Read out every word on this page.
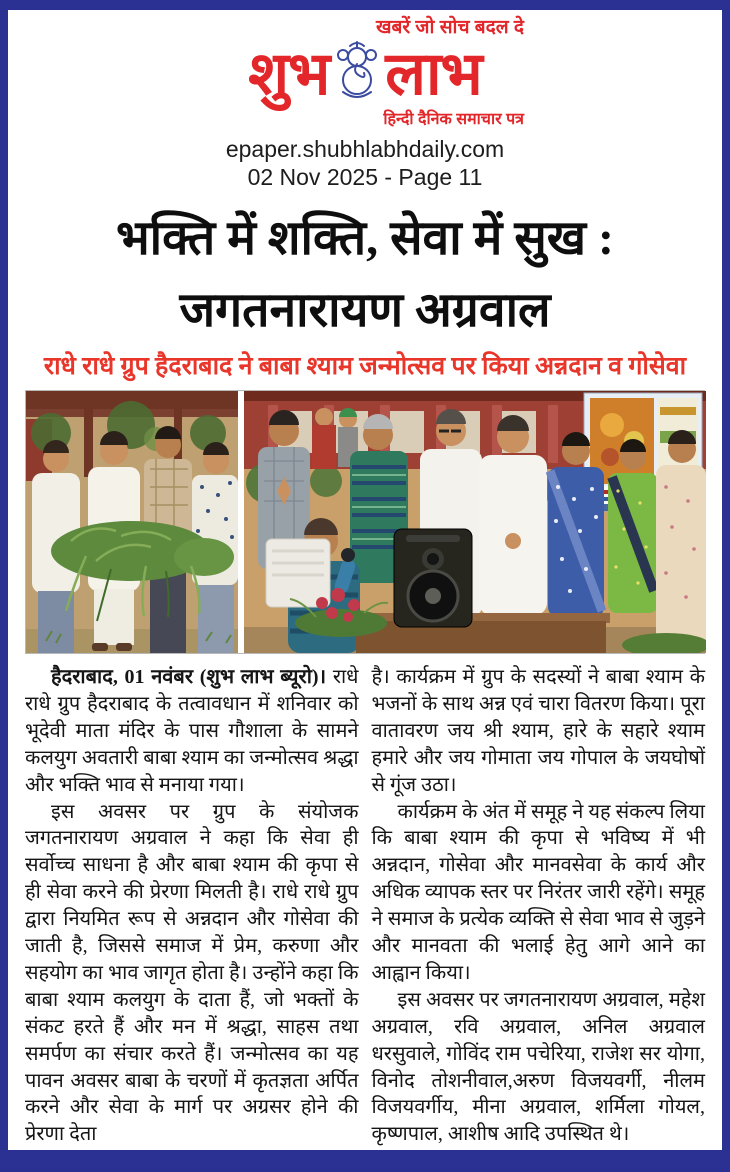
खबरें जो सोच बदल दे
शुभ लाभ
हिन्दी दैनिक समाचार पत्र
epaper.shubhlabhdaily.com
02 Nov 2025 - Page 11
भक्ति में शक्ति, सेवा में सुख :
जगतनारायण अग्रवाल
राधे राधे ग्रुप हैदराबाद ने बाबा श्याम जन्मोत्सव पर किया अन्नदान व गोसेवा

हैदराबाद, 01 नवंबर (शुभ लाभ ब्यूरो)। राधे राधे ग्रुप हैदराबाद के तत्वावधान में शनिवार को भूदेवी माता मंदिर के पास गौशाला के सामने कलयुग अवतारी बाबा श्याम का जन्मोत्सव श्रद्धा और भक्ति भाव से मनाया गया।

इस अवसर पर ग्रुप के संयोजक जगतनारायण अग्रवाल ने कहा कि सेवा ही सर्वोच्च साधना है और बाबा श्याम की कृपा से ही सेवा करने की प्रेरणा मिलती है। राधे राधे ग्रुप द्वारा नियमित रूप से अन्नदान और गोसेवा की जाती है, जिससे समाज में प्रेम, करुणा और सहयोग का भाव जागृत होता है। उन्होंने कहा कि बाबा श्याम कलयुग के दाता हैं, जो भक्तों के संकट हरते हैं और मन में श्रद्धा, साहस तथा समर्पण का संचार करते हैं। जन्मोत्सव का यह पावन अवसर बाबा के चरणों में कृतज्ञता अर्पित करने और सेवा के मार्ग पर अग्रसर होने की प्रेरणा देता

है। कार्यक्रम में ग्रुप के सदस्यों ने बाबा श्याम के भजनों के साथ अन्न एवं चारा वितरण किया। पूरा वातावरण जय श्री श्याम, हारे के सहारे श्याम हमारे और जय गोमाता जय गोपाल के जयघोषों से गूंज उठा।

कार्यक्रम के अंत में समूह ने यह संकल्प लिया कि बाबा श्याम की कृपा से भविष्य में भी अन्नदान, गोसेवा और मानवसेवा के कार्य और अधिक व्यापक स्तर पर निरंतर जारी रहेंगे। समूह ने समाज के प्रत्येक व्यक्ति से सेवा भाव से जुड़ने और मानवता की भलाई हेतु आगे आने का आह्वान किया।

इस अवसर पर जगतनारायण अग्रवाल, महेश अग्रवाल, रवि अग्रवाल, अनिल अग्रवाल धरसुवाले, गोविंद राम पचेरिया, राजेश सर योगा, विनोद तोशनीवाल,अरुण विजयवर्गी, नीलम विजयवर्गीय, मीना अग्रवाल, शर्मिला गोयल, कृष्णपाल, आशीष आदि उपस्थित थे।
